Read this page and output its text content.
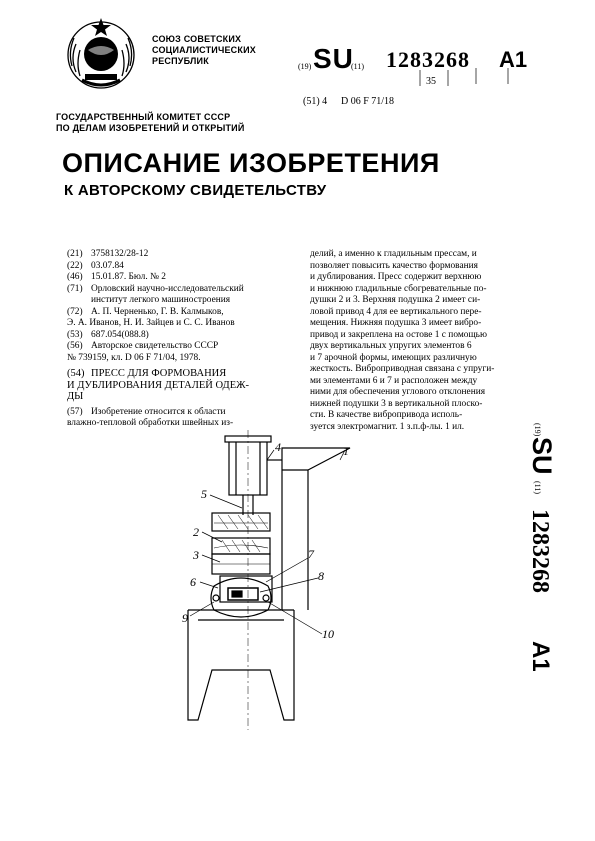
СОЮЗ СОВЕТСКИХ
СОЦИАЛИСТИЧЕСКИХ
РЕСПУБЛИК
(19) SU
(11) 1283268 A1
35
(51) 4 D 06 F 71/18
ГОСУДАРСТВЕННЫЙ КОМИТЕТ СССР
ПО ДЕЛАМ ИЗОБРЕТЕНИЙ И ОТКРЫТИЙ
ОПИСАНИЕ ИЗОБРЕТЕНИЯ
К АВТОРСКОМУ СВИДЕТЕЛЬСТВУ
(21) 3758132/28-12
(22) 03.07.84
(46) 15.01.87. Бюл. № 2
(71) Орловский научно-исследовательский
институт легкого машиностроения
(72) А. П. Черненько, Г. В. Калмыков,
Э. А. Иванов, Н. И. Зайцев и С. С. Иванов
(53) 687.054(088.8)
(56) Авторское свидетельство СССР
№ 739159, кл. D 06 F 71/04, 1978.
(54) ПРЕСС ДЛЯ ФОРМОВАНИЯ
И ДУБЛИРОВАНИЯ ДЕТАЛЕЙ ОДЕЖ-
ДЫ
(57) Изобретение относится к области
влажно-тепловой обработки швейных из-
делий, а именно к гладильным прессам, и
позволяет повысить качество формования
и дублирования. Пресс содержит верхнюю
и нижнюю гладильные сбогревательные по-
душки 2 и 3. Верхняя подушка 2 имеет си-
ловой привод 4 для ее вертикального пере-
мещения. Нижняя подушка 3 имеет вибро-
привод и закреплена на остове 1 с помощью
двух вертикальных упругих элементов 6
и 7 арочной формы, имеющих различную
жесткость. Виброприводная связана с упруги-
ми элементами 6 и 7 и расположен между
ними для обеспечения углового отклонения
нижней подушки 3 в вертикальной плоско-
сти. В качестве вибропривода исполь-
зуется электромагнит. 1 з.п.ф-лы. 1 ил.
4	1
5
2
3	7
6	8
9
10
(19)
SU
(11)
1283268
A1
